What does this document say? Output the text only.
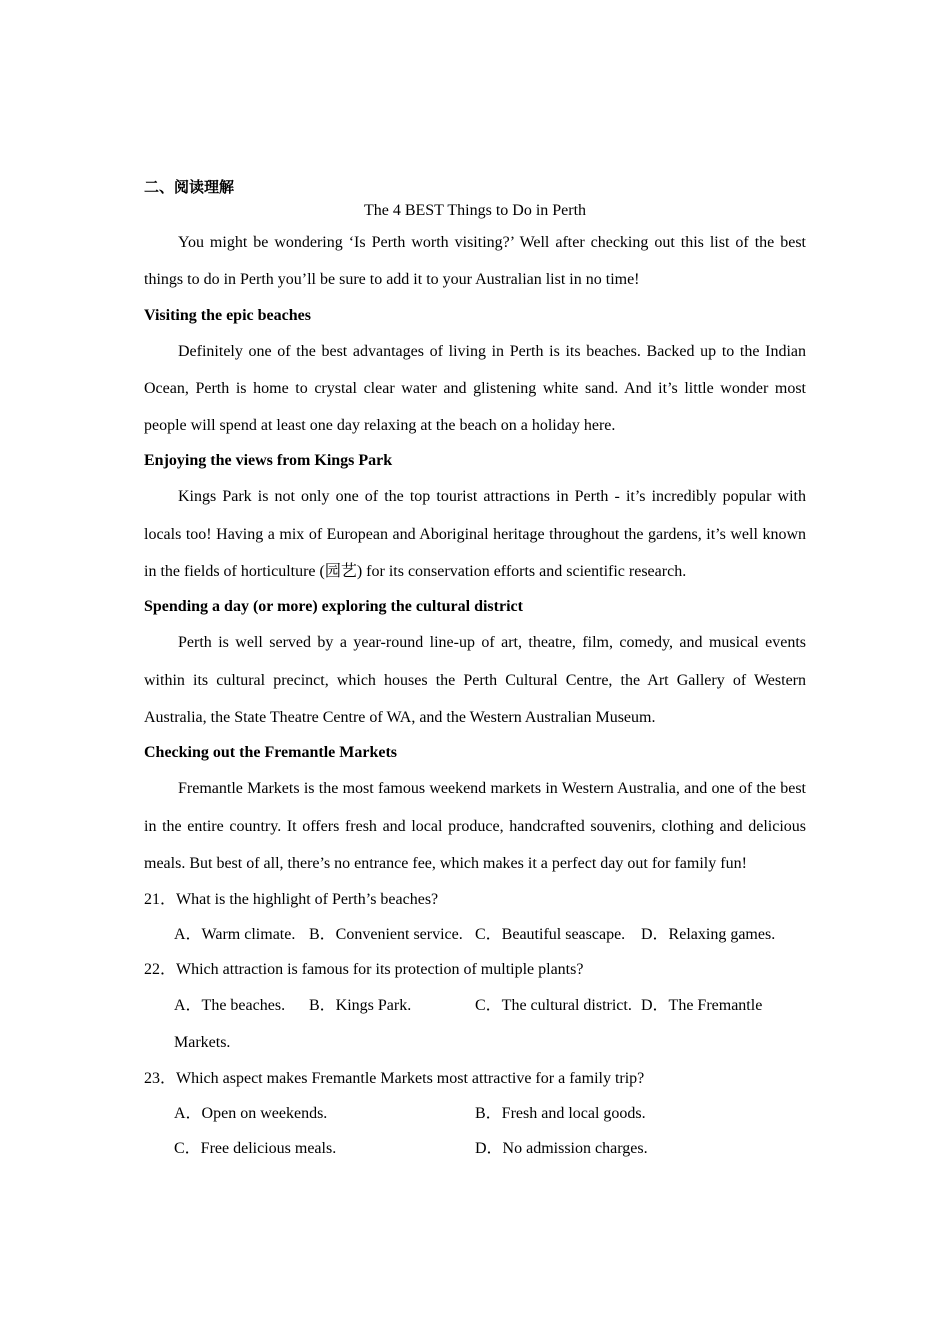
二、阅读理解

The 4 BEST Things to Do in Perth

You might be wondering ‘Is Perth worth visiting?’ Well after checking out this list of the best things to do in Perth you’ll be sure to add it to your Australian list in no time!

Visiting the epic beaches

Definitely one of the best advantages of living in Perth is its beaches. Backed up to the Indian Ocean, Perth is home to crystal clear water and glistening white sand. And it’s little wonder most people will spend at least one day relaxing at the beach on a holiday here.

Enjoying the views from Kings Park

Kings Park is not only one of the top tourist attractions in Perth - it’s incredibly popular with locals too! Having a mix of European and Aboriginal heritage throughout the gardens, it’s well known in the fields of horticulture (园艺) for its conservation efforts and scientific research.

Spending a day (or more) exploring the cultural district

Perth is well served by a year-round line-up of art, theatre, film, comedy, and musical events within its cultural precinct, which houses the Perth Cultural Centre, the Art Gallery of Western Australia, the State Theatre Centre of WA, and the Western Australian Museum.

Checking out the Fremantle Markets

Fremantle Markets is the most famous weekend markets in Western Australia, and one of the best in the entire country. It offers fresh and local produce, handcrafted souvenirs, clothing and delicious meals. But best of all, there’s no entrance fee, which makes it a perfect day out for family fun!

21．What is the highlight of Perth’s beaches?

A．Warm climate. B．Convenient service. C．Beautiful seascape. D．Relaxing games.

22．Which attraction is famous for its protection of multiple plants?

A．The beaches. B．Kings Park.	C．The cultural district. D．The Fremantle

Markets.

23．Which aspect makes Fremantle Markets most attractive for a family trip?

A．Open on weekends.	B．Fresh and local goods.

C．Free delicious meals.	D．No admission charges.
